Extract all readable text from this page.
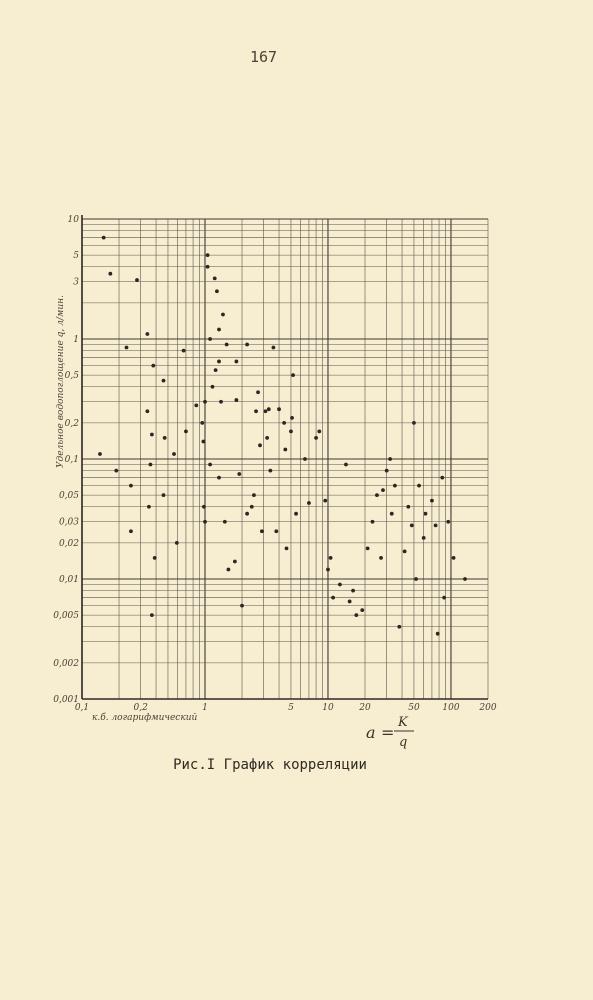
167
0,1	0,2	1	5	10	20	50	100 200
10
5
3
1
0,5
0,2
0,1
0,05
0,03
0,02
0,01
0,005
0,002
0,001
Удельное водопоглощение q, л/мин.
к.б. логарифмический
a =
K
q
Рис.I График корреляции
